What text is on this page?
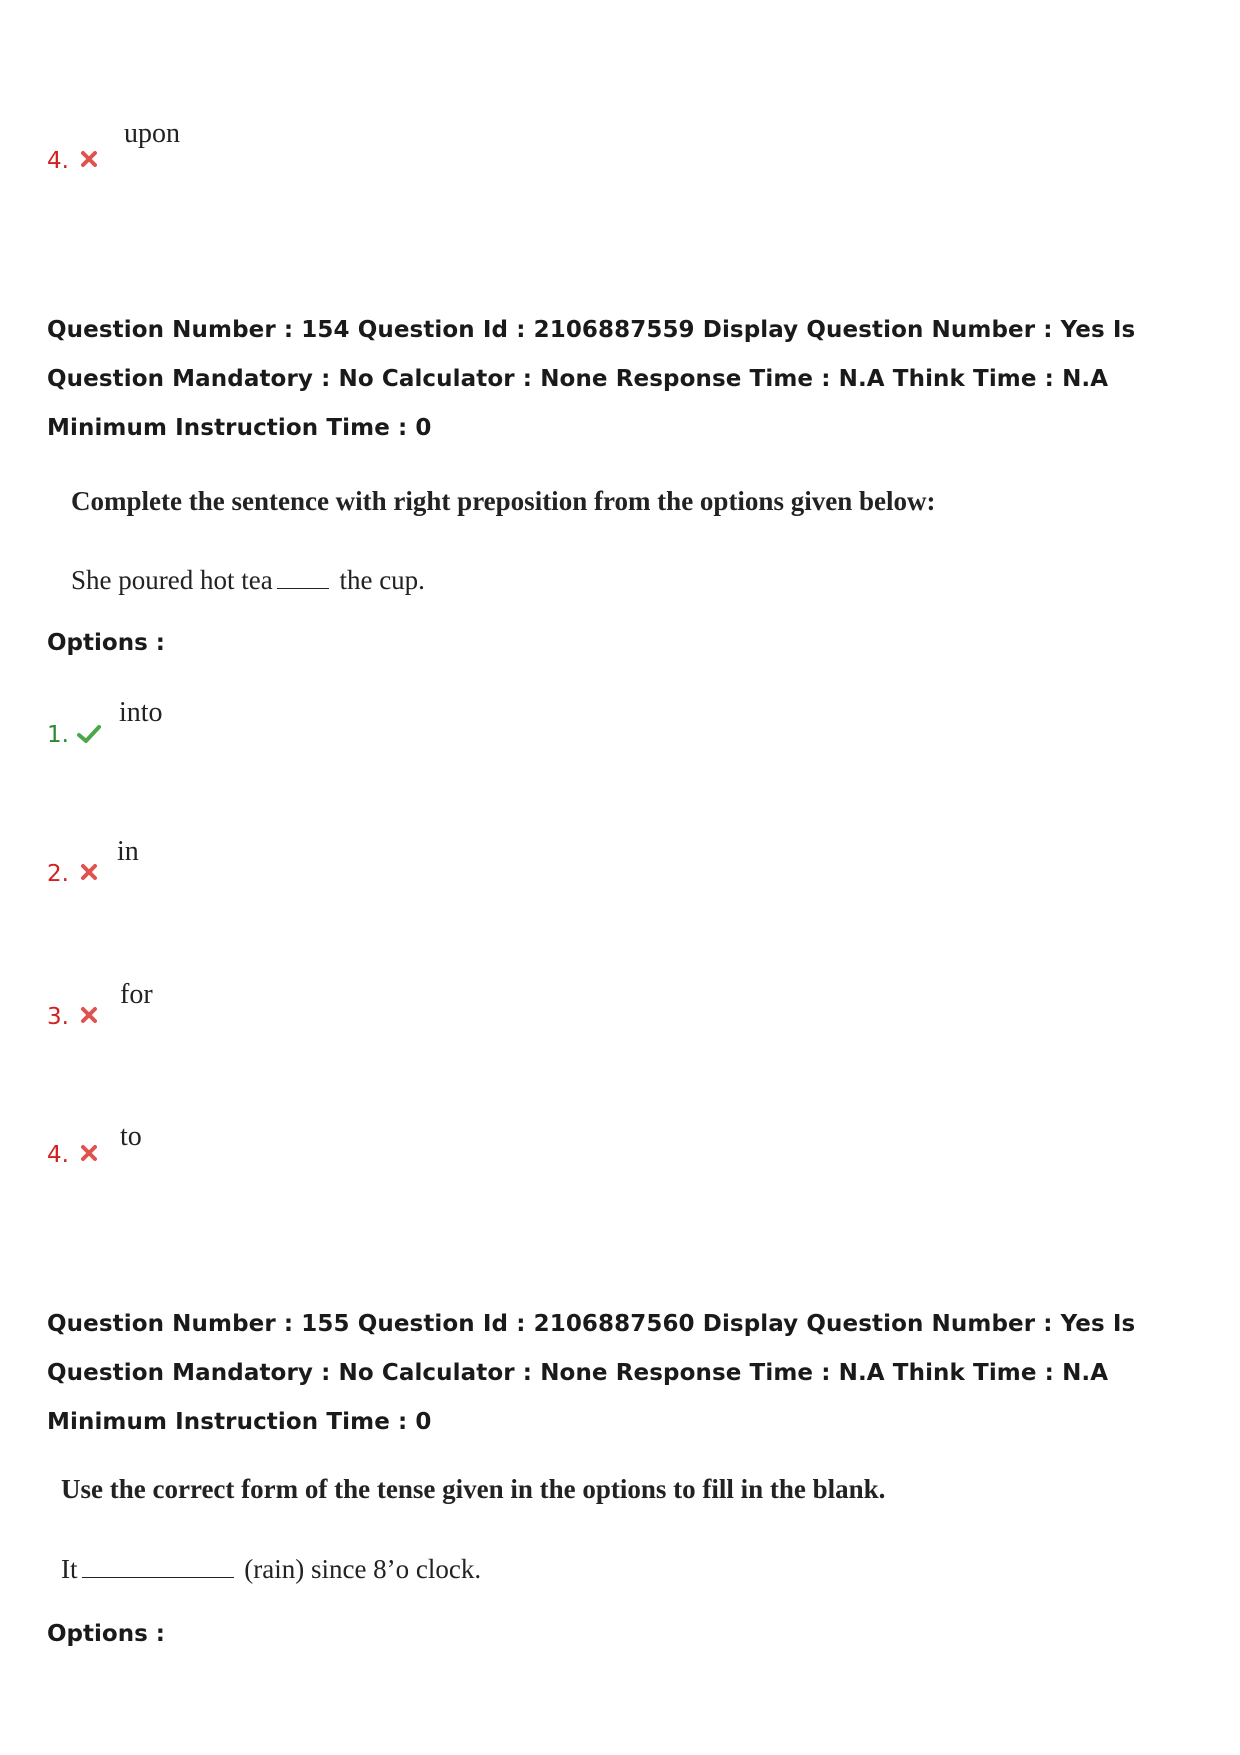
4.
upon
Question Number : 154 Question Id : 2106887559 Display Question Number : Yes Is Question Mandatory : No Calculator : None Response Time : N.A Think Time : N.A Minimum Instruction Time : 0
Complete the sentence with right preposition from the options given below:
She poured hot tea the cup.
Options :
1.
into
2.
in
3.
for
4.
to
Question Number : 155 Question Id : 2106887560 Display Question Number : Yes Is Question Mandatory : No Calculator : None Response Time : N.A Think Time : N.A Minimum Instruction Time : 0
Use the correct form of the tense given in the options to fill in the blank.
It	(rain) since 8’o clock.
Options :
